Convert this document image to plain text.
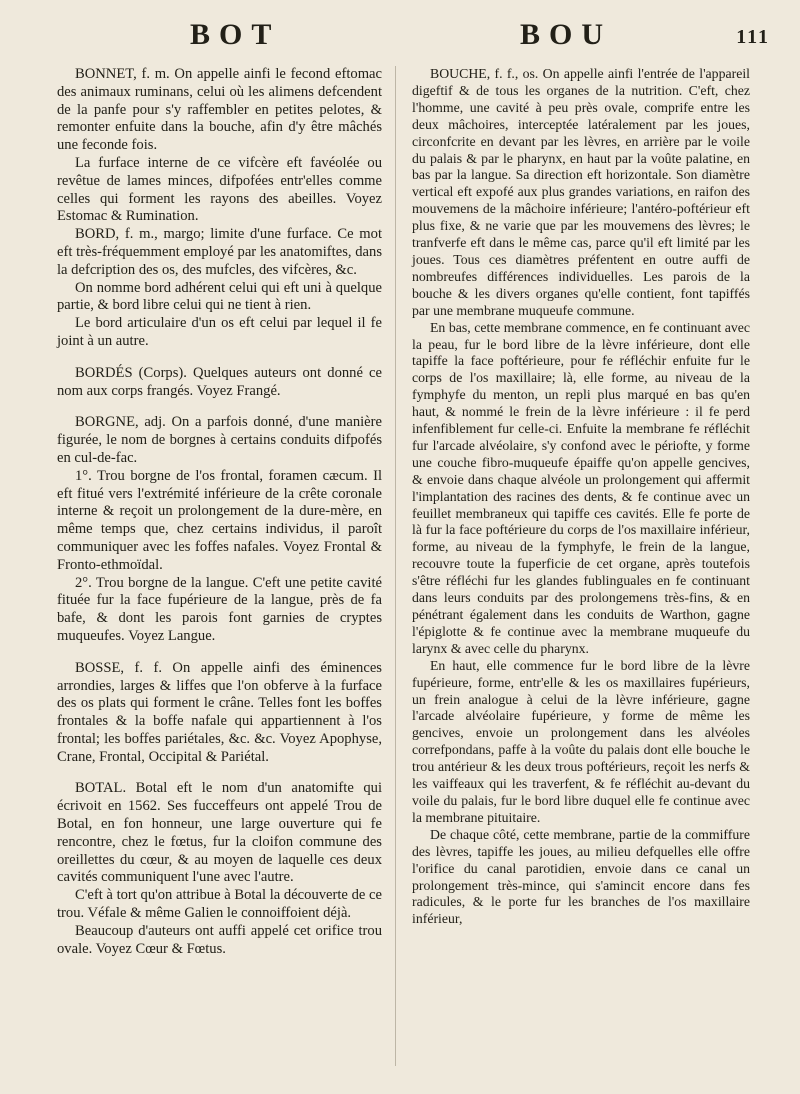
BOT	BOU	111

BONNET, f. m. On appelle ainfi le fecond eftomac des animaux ruminans, celui où les alimens defcendent de la panfe pour s'y raffembler en petites pelotes, & remonter enfuite dans la bouche, afin d'y être mâchés une feconde fois.

La furface interne de ce vifcère eft favéolée ou revêtue de lames minces, difpofées entr'elles comme celles qui forment les rayons des abeilles. Voyez Estomac & Rumination.

BORD, f. m., margo; limite d'une furface. Ce mot eft très-fréquemment employé par les anatomiftes, dans la defcription des os, des mufcles, des vifcères, &c.

On nomme bord adhérent celui qui eft uni à quelque partie, & bord libre celui qui ne tient à rien.

Le bord articulaire d'un os eft celui par lequel il fe joint à un autre.

BORDÉS (Corps). Quelques auteurs ont donné ce nom aux corps frangés. Voyez Frangé.

BORGNE, adj. On a parfois donné, d'une manière figurée, le nom de borgnes à certains conduits difpofés en cul-de-fac.

1°. Trou borgne de l'os frontal, foramen cæcum. Il eft fitué vers l'extrémité inférieure de la crête coronale interne & reçoit un prolongement de la dure-mère, en même temps que, chez certains individus, il paroît communiquer avec les foffes nafales. Voyez Frontal & Fronto-ethmoïdal.

2°. Trou borgne de la langue. C'eft une petite cavité fituée fur la face fupérieure de la langue, près de fa bafe, & dont les parois font garnies de cryptes muqueufes. Voyez Langue.

BOSSE, f. f. On appelle ainfi des éminences arrondies, larges & liffes que l'on obferve à la furface des os plats qui forment le crâne. Telles font les boffes frontales & la boffe nafale qui appartiennent à l'os frontal; les boffes pariétales, &c. &c. Voyez Apophyse, Crane, Frontal, Occipital & Pariétal.

BOTAL. Botal eft le nom d'un anatomifte qui écrivoit en 1562. Ses fucceffeurs ont appelé Trou de Botal, en fon honneur, une large ouverture qui fe rencontre, chez le fœtus, fur la cloifon commune des oreillettes du cœur, & au moyen de laquelle ces deux cavités communiquent l'une avec l'autre.

C'eft à tort qu'on attribue à Botal la découverte de ce trou. Véfale & même Galien le connoiffoient déjà.

Beaucoup d'auteurs ont auffi appelé cet orifice trou ovale. Voyez Cœur & Fœtus.

BOUCHE, f. f., os. On appelle ainfi l'entrée de l'appareil digeftif & de tous les organes de la nutrition. C'eft, chez l'homme, une cavité à peu près ovale, comprife entre les deux mâchoires, interceptée latéralement par les joues, circonfcrite en devant par les lèvres, en arrière par le voile du palais & par le pharynx, en haut par la voûte palatine, en bas par la langue. Sa direction eft horizontale. Son diamètre vertical eft expofé aux plus grandes variations, en raifon des mouvemens de la mâchoire inférieure; l'antéro-poftérieur eft plus fixe, & ne varie que par les mouvemens des lèvres; le tranfverfe eft dans le même cas, parce qu'il eft limité par les joues. Tous ces diamètres préfentent en outre auffi de nombreufes différences individuelles. Les parois de la bouche & les divers organes qu'elle contient, font tapiffés par une membrane muqueufe commune.

En bas, cette membrane commence, en fe continuant avec la peau, fur le bord libre de la lèvre inférieure, dont elle tapiffe la face poftérieure, pour fe réfléchir enfuite fur le corps de l'os maxillaire; là, elle forme, au niveau de la fymphyfe du menton, un repli plus marqué en bas qu'en haut, & nommé le frein de la lèvre inférieure : il fe perd infenfiblement fur celle-ci. Enfuite la membrane fe réfléchit fur l'arcade alvéolaire, s'y confond avec le périofte, y forme une couche fibro-muqueufe épaiffe qu'on appelle gencives, & envoie dans chaque alvéole un prolongement qui affermit l'implantation des racines des dents, & fe continue avec un feuillet membraneux qui tapiffe ces cavités. Elle fe porte de là fur la face poftérieure du corps de l'os maxillaire inférieur, forme, au niveau de la fymphyfe, le frein de la langue, recouvre toute la fuperficie de cet organe, après toutefois s'être réfléchi fur les glandes fublinguales en fe continuant dans leurs conduits par des prolongemens très-fins, & en pénétrant également dans les conduits de Warthon, gagne l'épiglotte & fe continue avec la membrane muqueufe du larynx & avec celle du pharynx.

En haut, elle commence fur le bord libre de la lèvre fupérieure, forme, entr'elle & les os maxillaires fupérieurs, un frein analogue à celui de la lèvre inférieure, gagne l'arcade alvéolaire fupérieure, y forme de même les gencives, envoie un prolongement dans les alvéoles correfpondans, paffe à la voûte du palais dont elle bouche le trou antérieur & les deux trous poftérieurs, reçoit les nerfs & les vaiffeaux qui les traverfent, & fe réfléchit au-devant du voile du palais, fur le bord libre duquel elle fe continue avec la membrane pituitaire.

De chaque côté, cette membrane, partie de la commiffure des lèvres, tapiffe les joues, au milieu defquelles elle offre l'orifice du canal parotidien, envoie dans ce canal un prolongement très-mince, qui s'amincit encore dans fes radicules, & le porte fur les branches de l'os maxillaire inférieur,
